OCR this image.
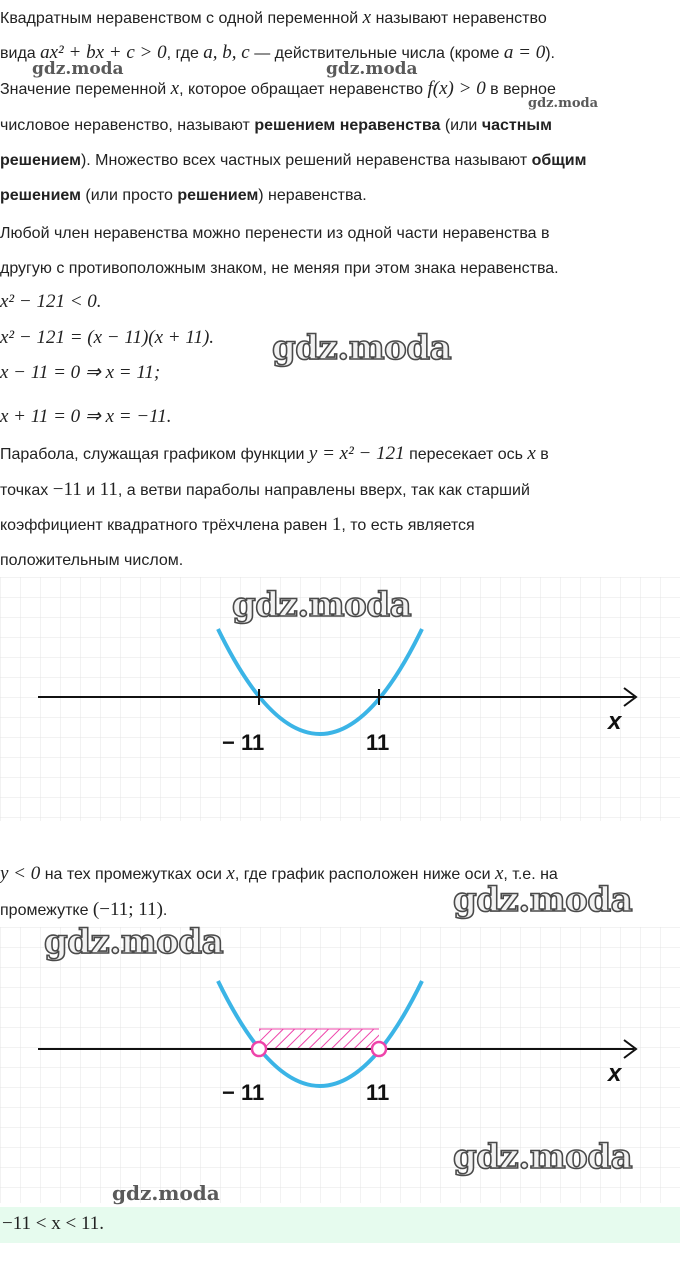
Квадратным неравенством с одной переменной x называют неравенство
вида ax² + bx + c > 0, где a, b, c — действительные числа (кроме a = 0).
Значение переменной x, которое обращает неравенство f(x) > 0 в верное
числовое неравенство, называют решением неравенства (или частным
решением). Множество всех частных решений неравенства называют общим
решением (или просто решением) неравенства.
Любой член неравенства можно перенести из одной части неравенства в
другую с противоположным знаком, не меняя при этом знака неравенства.
x² − 121 < 0.
x² − 121 = (x − 11)(x + 11).
x − 11 = 0 ⇒ x = 11;
x + 11 = 0 ⇒ x = −11.
Парабола, служащая графиком функции y = x² − 121 пересекает ось x в
точках −11 и 11, а ветви параболы направлены вверх, так как старший
коэффициент квадратного трёхчлена равен 1, то есть является
положительным числом.
− 11	11
x
y < 0 на тех промежутках оси x, где график расположен ниже оси x, т.е. на
промежутке (−11; 11).
− 11	11
x
−11 < x < 11.
gdz.moda	gdz.moda
gdz.moda
gdz.moda
gdz.moda
gdz.moda
gdz.moda
gdz.moda
gdz.moda
